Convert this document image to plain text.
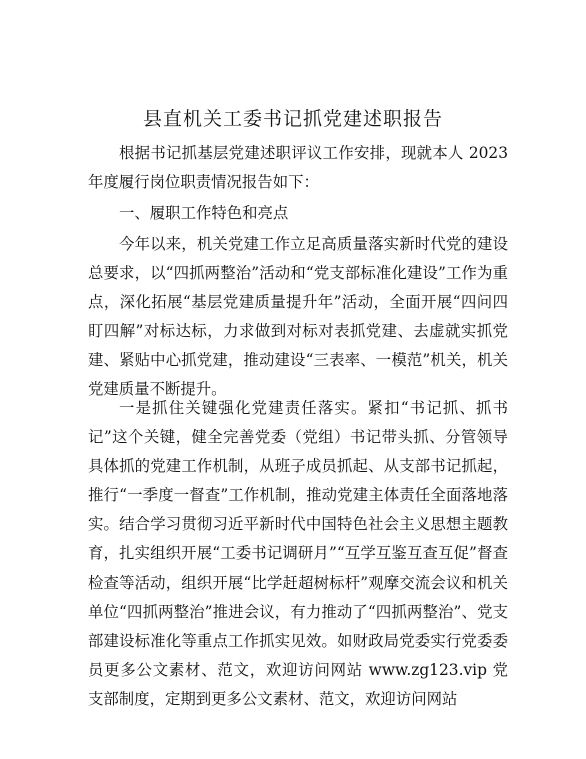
县直机关工委书记抓党建述职报告

根据书记抓基层党建述职评议工作安排，现就本人 2023 年度履行岗位职责情况报告如下：

一、履职工作特色和亮点

今年以来，机关党建工作立足高质量落实新时代党的建设总要求，以“四抓两整治”活动和“党支部标准化建设”工作为重点，深化拓展“基层党建质量提升年”活动，全面开展“四问四盯四解”对标达标，力求做到对标对表抓党建、去虚就实抓党建、紧贴中心抓党建，推动建设“三表率、一模范”机关，机关党建质量不断提升。

一是抓住关键强化党建责任落实。紧扣“书记抓、抓书记”这个关键，健全完善党委（党组）书记带头抓、分管领导具体抓的党建工作机制，从班子成员抓起、从支部书记抓起，推行“一季度一督查”工作机制，推动党建主体责任全面落地落实。结合学习贯彻习近平新时代中国特色社会主义思想主题教育，扎实组织开展“工委书记调研月”“互学互鉴互查互促”督查检查等活动，组织开展“比学赶超树标杆”观摩交流会议和机关单位“四抓两整治”推进会议，有力推动了“四抓两整治”、党支部建设标准化等重点工作抓实见效。如财政局党委实行党委委员更多公文素材、范文，欢迎访问网站 www.zg123.vip 党支部制度，定期到更多公文素材、范文，欢迎访问网站
